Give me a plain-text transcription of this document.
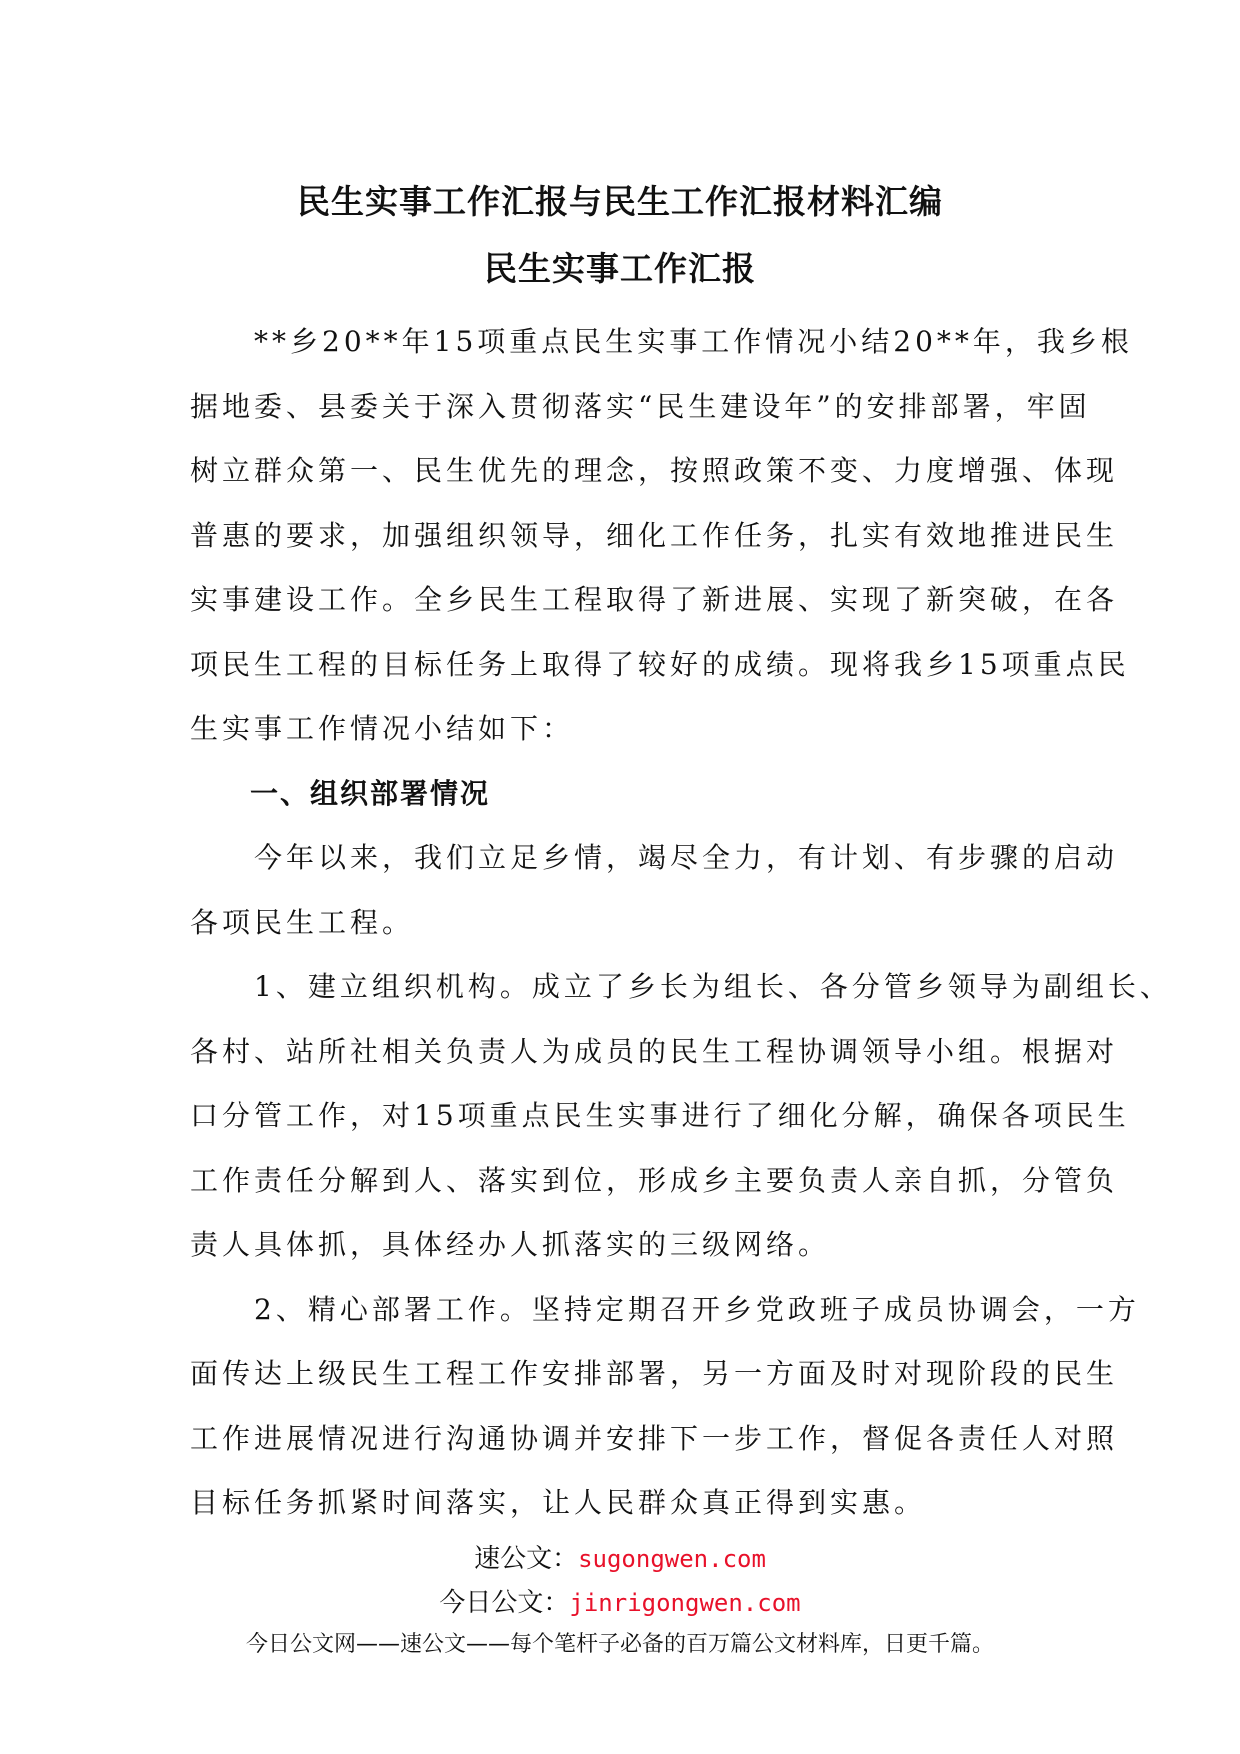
民生实事工作汇报与民生工作汇报材料汇编
民生实事工作汇报
　　**乡20**年15项重点民生实事工作情况小结20**年，我乡根
据地委、县委关于深入贯彻落实“民生建设年”的安排部署，牢固
树立群众第一、民生优先的理念，按照政策不变、力度增强、体现
普惠的要求，加强组织领导，细化工作任务，扎实有效地推进民生
实事建设工作。全乡民生工程取得了新进展、实现了新突破，在各
项民生工程的目标任务上取得了较好的成绩。现将我乡15项重点民
生实事工作情况小结如下：
　　一、组织部署情况
　　今年以来，我们立足乡情，竭尽全力，有计划、有步骤的启动
各项民生工程。
　　1、建立组织机构。成立了乡长为组长、各分管乡领导为副组长、
各村、站所社相关负责人为成员的民生工程协调领导小组。根据对
口分管工作，对15项重点民生实事进行了细化分解，确保各项民生
工作责任分解到人、落实到位，形成乡主要负责人亲自抓，分管负
责人具体抓，具体经办人抓落实的三级网络。
　　2、精心部署工作。坚持定期召开乡党政班子成员协调会，一方
面传达上级民生工程工作安排部署，另一方面及时对现阶段的民生
工作进展情况进行沟通协调并安排下一步工作，督促各责任人对照
目标任务抓紧时间落实，让人民群众真正得到实惠。
速公文：sugongwen.com
今日公文：jinrigongwen.com
今日公文网——速公文——每个笔杆子必备的百万篇公文材料库，日更千篇。
